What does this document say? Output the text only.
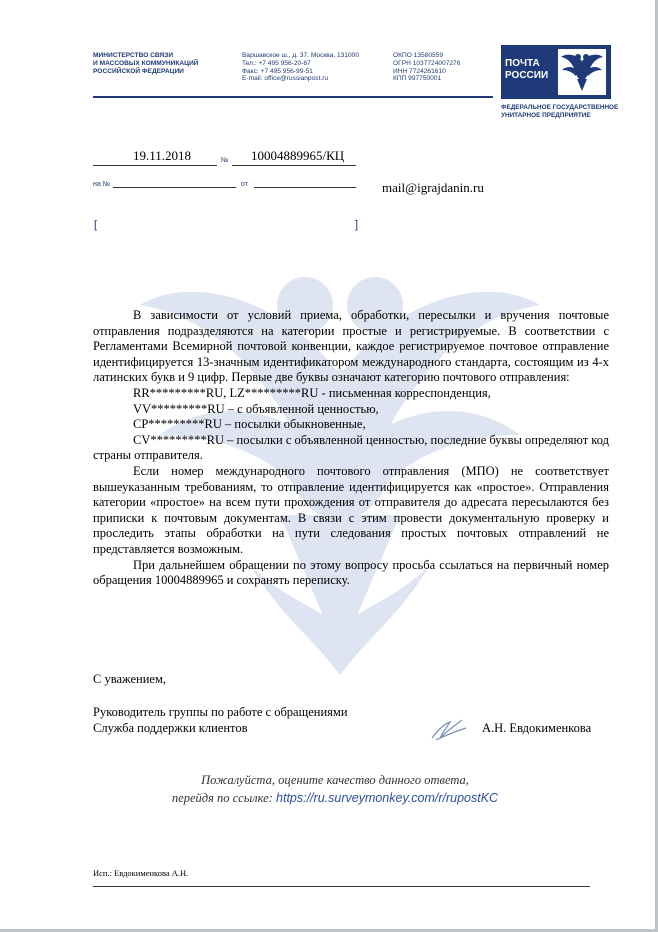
МИНИСТЕРСТВО СВЯЗИ
И МАССОВЫХ КОММУНИКАЦИЙ
РОССИЙСКОЙ ФЕДЕРАЦИИ
Варшавское ш., д. 37, Москва, 131000
Тел.: +7 495 956-20-67
Факс: +7 495 956-99-51
E-mail: office@russianpost.ru
ОКПО 13580559
ОГРН 1037724007276
ИНН 7724261610
КПП 997750001
ПОЧТА
РОССИИ
ФЕДЕРАЛЬНОЕ ГОСУДАРСТВЕННОЕ
УНИТАРНОЕ ПРЕДПРИЯТИЕ
19.11.2018	№ 10004889965/КЦ
на №	от	mail@igrajdanin.ru
[	]

В зависимости от условий приема, обработки, пересылки и вручения почтовые отправления подразделяются на категории простые и регистрируемые. В соответствии с Регламентами Всемирной почтовой конвенции, каждое регистрируемое почтовое отправление идентифицируется 13-значным идентификатором международного стандарта, состоящим из 4-х латинских букв и 9 цифр. Первые две буквы означают категорию почтового отправления:

RR*********RU, LZ*********RU - письменная корреспонденция,

VV*********RU – с объявленной ценностью,

CP*********RU – посылки обыкновенные,

CV*********RU – посылки с объявленной ценностью, последние буквы определяют код страны отправителя.

Если номер международного почтового отправления (МПО) не соответствует вышеуказанным требованиям, то отправление идентифицируется как «простое». Отправления категории «простое» на всем пути прохождения от отправителя до адресата пересылаются без приписки к почтовым документам. В связи с этим провести документальную проверку и проследить этапы обработки на пути следования простых почтовых отправлений не представляется возможным.

При дальнейшем обращении по этому вопросу просьба ссылаться на первичный номер обращения 10004889965 и сохранять переписку.

С уважением,
Руководитель группы по работе с обращениями
Служба поддержки клиентов	А.Н. Евдокименкова
Пожалуйста, оцените качество данного ответа,
перейдя по ссылке: https://ru.surveymonkey.com/r/rupostKC
Исп.: Евдокименкова А.Н.
